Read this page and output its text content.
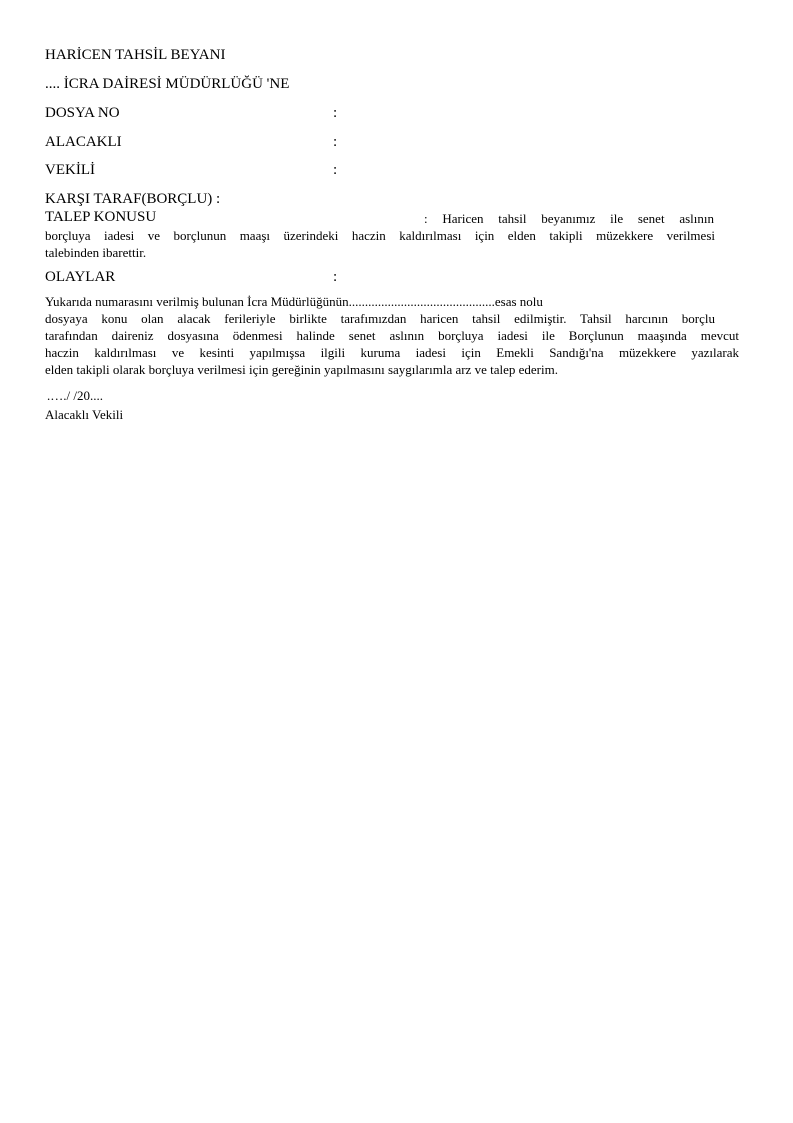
HARİCEN TAHSİL BEYANI
.... İCRA DAİRESİ MÜDÜRLÜĞÜ 'NE
DOSYA NO	:
ALACAKLI	:
VEKİLİ	:
KARŞI TARAF(BORÇLU) :
TALEP KONUSU	: Haricen tahsil beyanımız ile senet aslının
borçluya iadesi ve borçlunun maaşı üzerindeki haczin kaldırılması için elden takipli müzekkere verilmesi
talebinden ibarettir.
OLAYLAR	:
Yukarıda numarasını verilmiş bulunan İcra Müdürlüğünün.............................................esas nolu
dosyaya konu olan alacak ferileriyle birlikte tarafımızdan haricen tahsil edilmiştir. Tahsil harcının borçlu
tarafından daireniz dosyasına ödenmesi halinde senet aslının borçluya iadesi ile Borçlunun maaşında mevcut
haczin kaldırılması ve kesinti yapılmışsa ilgili kuruma iadesi için Emekli Sandığı'na müzekkere yazılarak
elden takipli olarak borçluya verilmesi için gereğinin yapılmasını saygılarımla arz ve talep ederim.
.…./ /20....
Alacaklı Vekili
